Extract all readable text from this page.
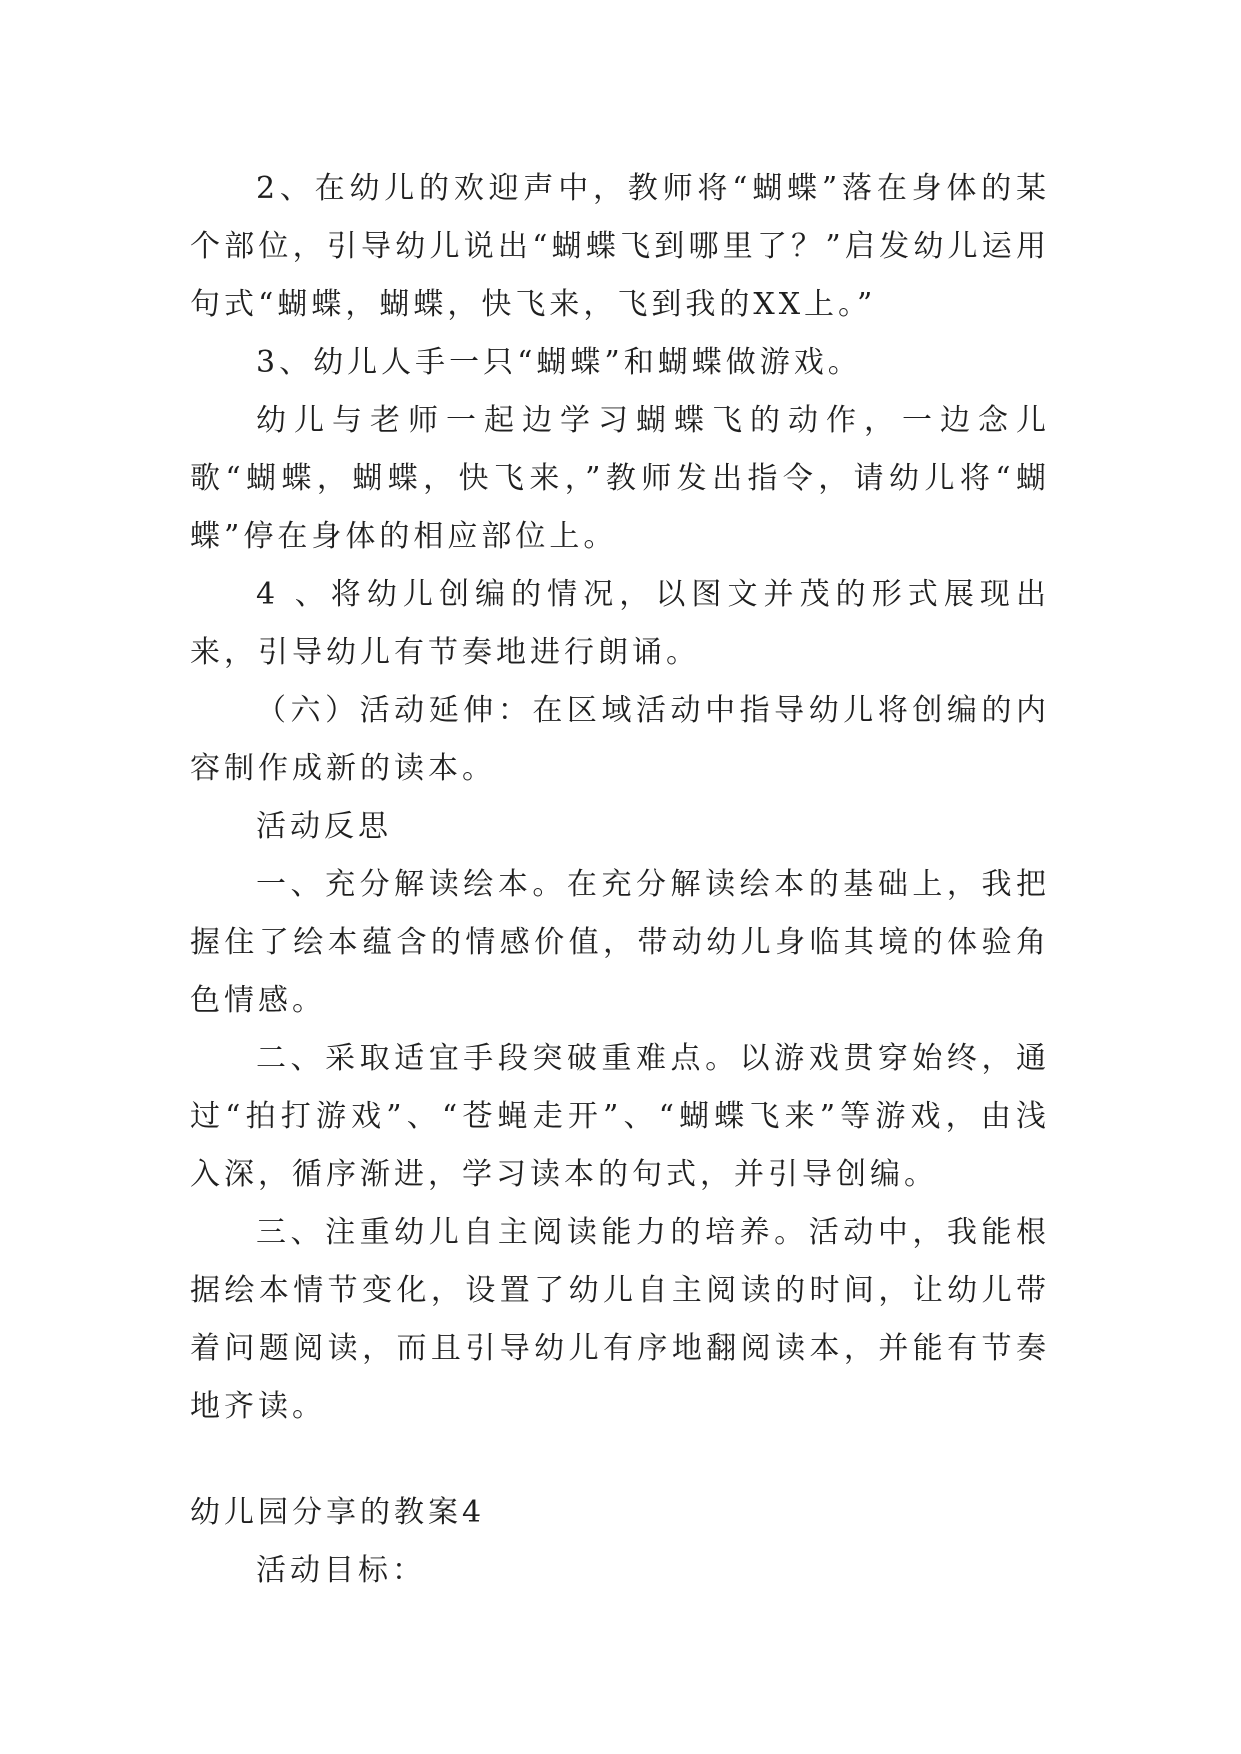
2、在幼儿的欢迎声中，教师将“蝴蝶”落在身体的某个部位，引导幼儿说出“蝴蝶飞到哪里了？”启发幼儿运用句式“蝴蝶，蝴蝶，快飞来，飞到我的XX上。”

3、幼儿人手一只“蝴蝶”和蝴蝶做游戏。

幼儿与老师一起边学习蝴蝶飞的动作，一边念儿歌“蝴蝶，蝴蝶，快飞来，”教师发出指令，请幼儿将“蝴蝶”停在身体的相应部位上。

4 、将幼儿创编的情况，以图文并茂的形式展现出来，引导幼儿有节奏地进行朗诵。

（六）活动延伸：在区域活动中指导幼儿将创编的内容制作成新的读本。

活动反思

一、充分解读绘本。在充分解读绘本的基础上，我把握住了绘本蕴含的情感价值，带动幼儿身临其境的体验角色情感。

二、采取适宜手段突破重难点。以游戏贯穿始终，通过“拍打游戏”、“苍蝇走开”、“蝴蝶飞来”等游戏，由浅入深，循序渐进，学习读本的句式，并引导创编。

三、注重幼儿自主阅读能力的培养。活动中，我能根据绘本情节变化，设置了幼儿自主阅读的时间，让幼儿带着问题阅读，而且引导幼儿有序地翻阅读本，并能有节奏地齐读。

幼儿园分享的教案4

活动目标：
